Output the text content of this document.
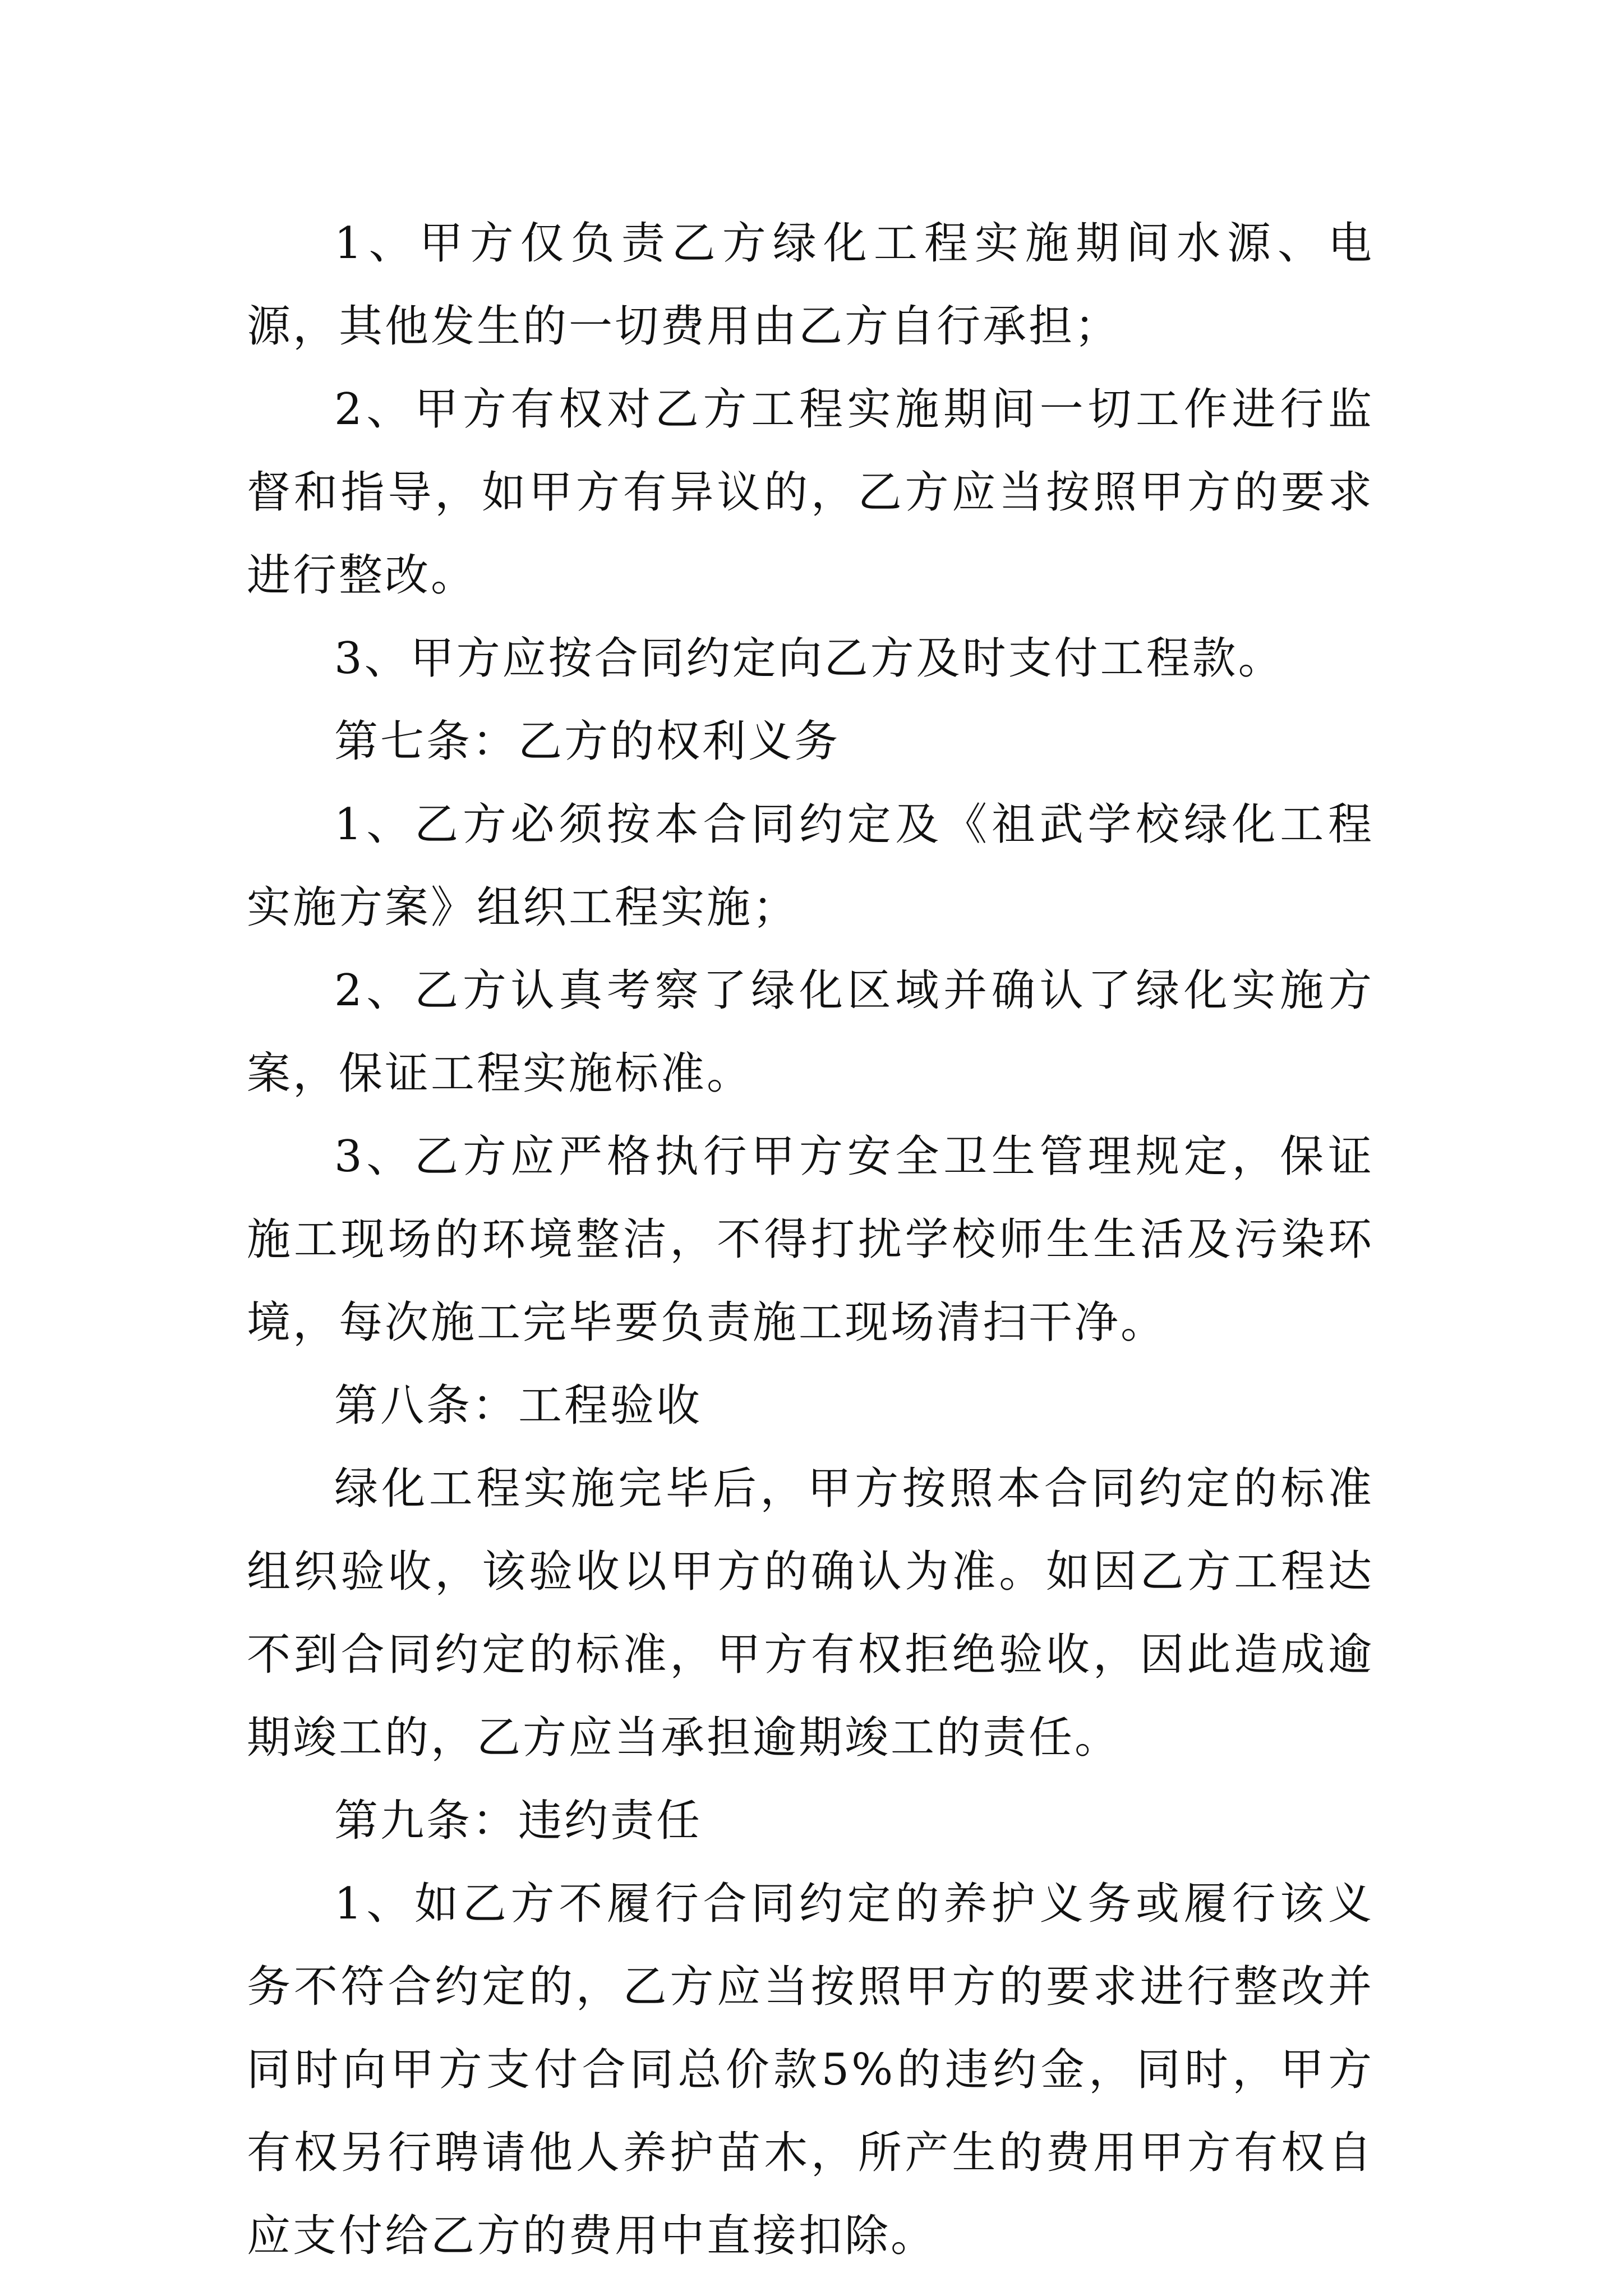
1、甲方仅负责乙方绿化工程实施期间水源、电源，其他发生的一切费用由乙方自行承担；

2、甲方有权对乙方工程实施期间一切工作进行监督和指导，如甲方有异议的，乙方应当按照甲方的要求进行整改。

3、甲方应按合同约定向乙方及时支付工程款。

第七条：乙方的权利义务

1、乙方必须按本合同约定及《祖武学校绿化工程实施方案》组织工程实施；

2、乙方认真考察了绿化区域并确认了绿化实施方案，保证工程实施标准。

3、乙方应严格执行甲方安全卫生管理规定，保证施工现场的环境整洁，不得打扰学校师生生活及污染环境，每次施工完毕要负责施工现场清扫干净。

第八条：工程验收

绿化工程实施完毕后，甲方按照本合同约定的标准组织验收，该验收以甲方的确认为准。如因乙方工程达不到合同约定的标准，甲方有权拒绝验收，因此造成逾期竣工的，乙方应当承担逾期竣工的责任。

第九条：违约责任

1、如乙方不履行合同约定的养护义务或履行该义务不符合约定的，乙方应当按照甲方的要求进行整改并同时向甲方支付合同总价款5%的违约金，同时，甲方有权另行聘请他人养护苗木，所产生的费用甲方有权自应支付给乙方的费用中直接扣除。
